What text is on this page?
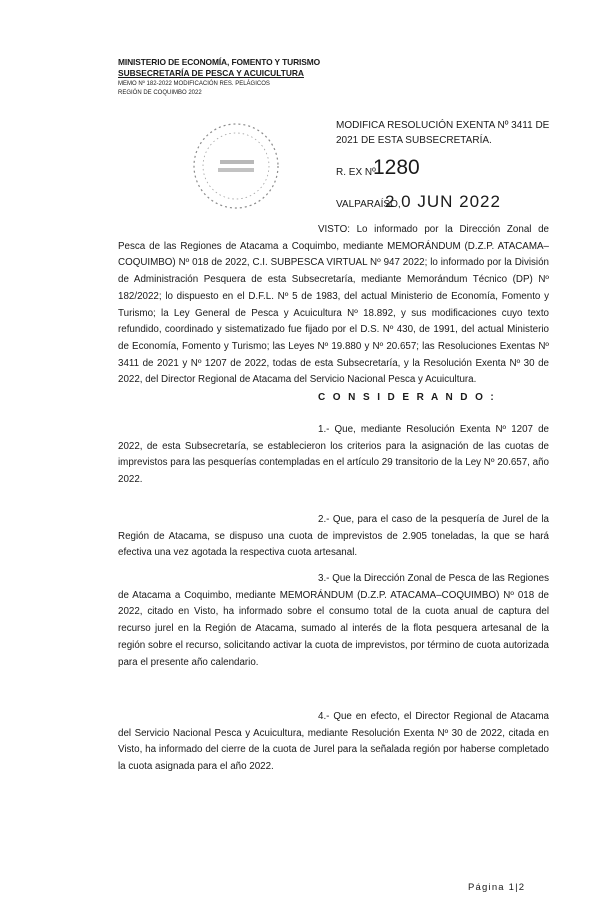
MINISTERIO DE ECONOMÍA, FOMENTO Y TURISMO
SUBSECRETARÍA DE PESCA Y ACUICULTURA
MEMO Nº 182-2022 MODIFICACIÓN RES. PELÁGICOS
REGIÓN DE COQUIMBO 2022
MODIFICA RESOLUCIÓN EXENTA Nº 3411 DE 2021 DE ESTA SUBSECRETARÍA.
R. EX Nº
1280
VALPARAÍSO,
2 0 JUN 2022

VISTO: Lo informado por la Dirección Zonal de Pesca de las Regiones de Atacama a Coquimbo, mediante MEMORÁNDUM (D.Z.P. ATACAMA–COQUIMBO) Nº 018 de 2022, C.I. SUBPESCA VIRTUAL Nº 947 2022; lo informado por la División de Administración Pesquera de esta Subsecretaría, mediante Memorándum Técnico (DP) Nº 182/2022; lo dispuesto en el D.F.L. Nº 5 de 1983, del actual Ministerio de Economía, Fomento y Turismo; la Ley General de Pesca y Acuicultura Nº 18.892, y sus modificaciones cuyo texto refundido, coordinado y sistematizado fue fijado por el D.S. Nº 430, de 1991, del actual Ministerio de Economía, Fomento y Turismo; las Leyes Nº 19.880 y Nº 20.657; las Resoluciones Exentas Nº 3411 de 2021 y Nº 1207 de 2022, todas de esta Subsecretaría, y la Resolución Exenta Nº 30 de 2022, del Director Regional de Atacama del Servicio Nacional Pesca y Acuicultura.

C O N S I D E R A N D O :

1.- Que, mediante Resolución Exenta Nº 1207 de 2022, de esta Subsecretaría, se establecieron los criterios para la asignación de las cuotas de imprevistos para las pesquerías contempladas en el artículo 29 transitorio de la Ley Nº 20.657, año 2022.

2.- Que, para el caso de la pesquería de Jurel de la Región de Atacama, se dispuso una cuota de imprevistos de 2.905 toneladas, la que se hará efectiva una vez agotada la respectiva cuota artesanal.

3.- Que la Dirección Zonal de Pesca de las Regiones de Atacama a Coquimbo, mediante MEMORÁNDUM (D.Z.P. ATACAMA–COQUIMBO) Nº 018 de 2022, citado en Visto, ha informado sobre el consumo total de la cuota anual de captura del recurso jurel en la Región de Atacama, sumado al interés de la flota pesquera artesanal de la región sobre el recurso, solicitando activar la cuota de imprevistos, por término de cuota autorizada para el presente año calendario.

4.- Que en efecto, el Director Regional de Atacama del Servicio Nacional Pesca y Acuicultura, mediante Resolución Exenta Nº 30 de 2022, citada en Visto, ha informado del cierre de la cuota de Jurel para la señalada región por haberse completado la cuota asignada para el año 2022.

Página 1|2
